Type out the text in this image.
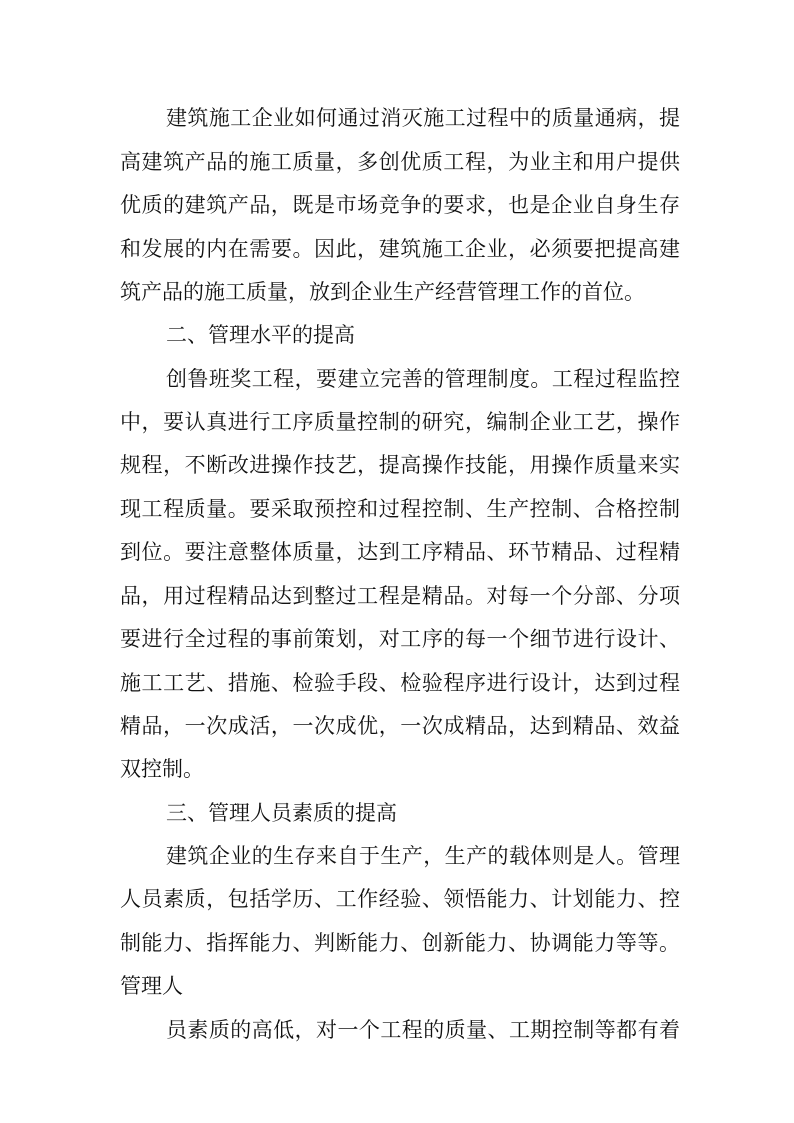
建筑施工企业如何通过消灭施工过程中的质量通病，提
高建筑产品的施工质量，多创优质工程，为业主和用户提供
优质的建筑产品，既是市场竞争的要求，也是企业自身生存
和发展的内在需要。因此，建筑施工企业，必须要把提高建
筑产品的施工质量，放到企业生产经营管理工作的首位。
二、管理水平的提高
创鲁班奖工程，要建立完善的管理制度。工程过程监控
中，要认真进行工序质量控制的研究，编制企业工艺，操作
规程，不断改进操作技艺，提高操作技能，用操作质量来实
现工程质量。要采取预控和过程控制、生产控制、合格控制
到位。要注意整体质量，达到工序精品、环节精品、过程精
品，用过程精品达到整过工程是精品。对每一个分部、分项
要进行全过程的事前策划，对工序的每一个细节进行设计、
施工工艺、措施、检验手段、检验程序进行设计，达到过程
精品，一次成活，一次成优，一次成精品，达到精品、效益
双控制。
三、管理人员素质的提高
建筑企业的生存来自于生产，生产的载体则是人。管理
人员素质，包括学历、工作经验、领悟能力、计划能力、控
制能力、指挥能力、判断能力、创新能力、协调能力等等。
管理人
员素质的高低，对一个工程的质量、工期控制等都有着
